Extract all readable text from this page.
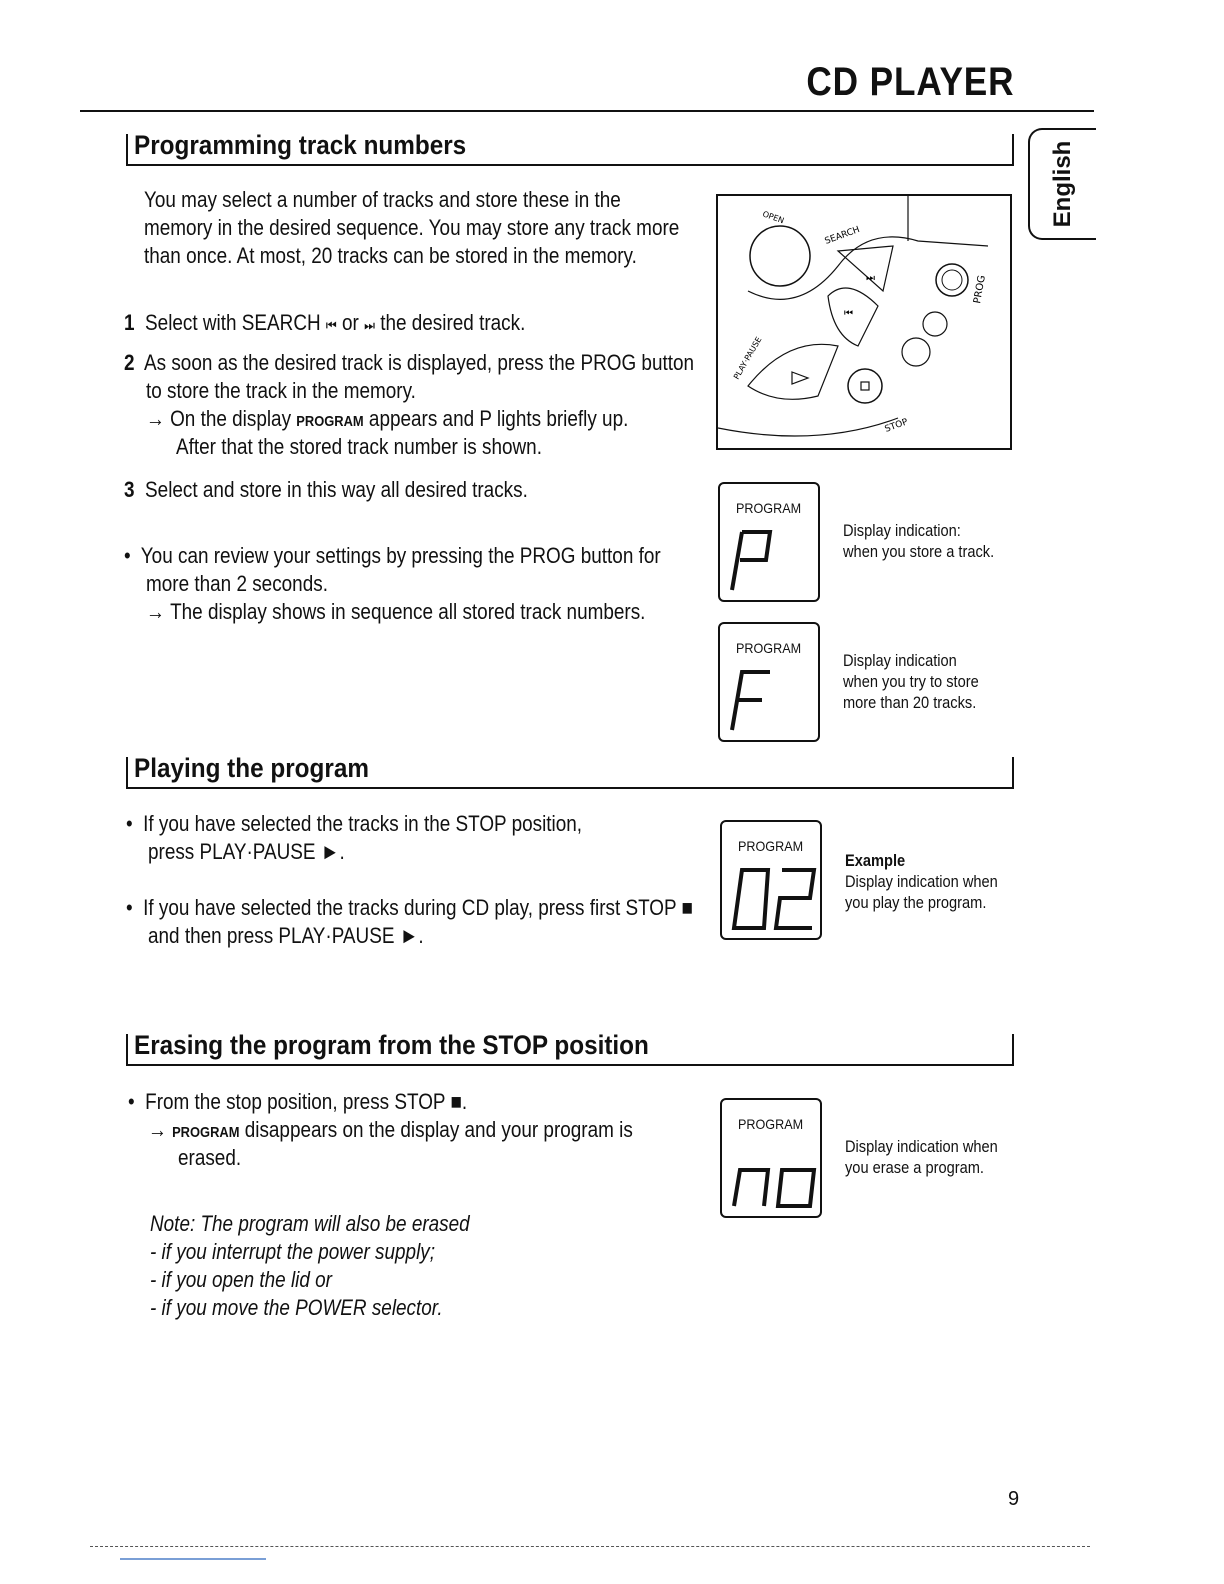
CD PLAYER
English
Programming track numbers
You may select a number of tracks and store these in the
memory in the desired sequence. You may store any track more
than once. At most, 20 tracks can be stored in the memory.
1 Select with SEARCH ⏮ or ⏭ the desired track.
2 As soon as the desired track is displayed, press the PROG button
to store the track in the memory.
→ On the display PROGRAM appears and P lights briefly up.
After that the stored track number is shown.
3 Select and store in this way all desired tracks.
• You can review your settings by pressing the PROG button for
more than 2 seconds.
→ The display shows in sequence all stored track numbers.
⏭
⏮
PROG
STOP
SEARCH
PLAY·PAUSE
OPEN
PROGRAM
Display indication:
when you store a track.
PROGRAM
Display indication
when you try to store
more than 20 tracks.
Playing the program
• If you have selected the tracks in the STOP position,
press PLAY·PAUSE ►.
• If you have selected the tracks during CD play, press first STOP ■
and then press PLAY·PAUSE ►.
PROGRAM
Example
Display indication when
you play the program.
Erasing the program from the STOP position
• From the stop position, press STOP ■.
→ PROGRAM disappears on the display and your program is
erased.
Note: The program will also be erased
- if you interrupt the power supply;
- if you open the lid or
- if you move the POWER selector.
PROGRAM
Display indication when
you erase a program.
9
